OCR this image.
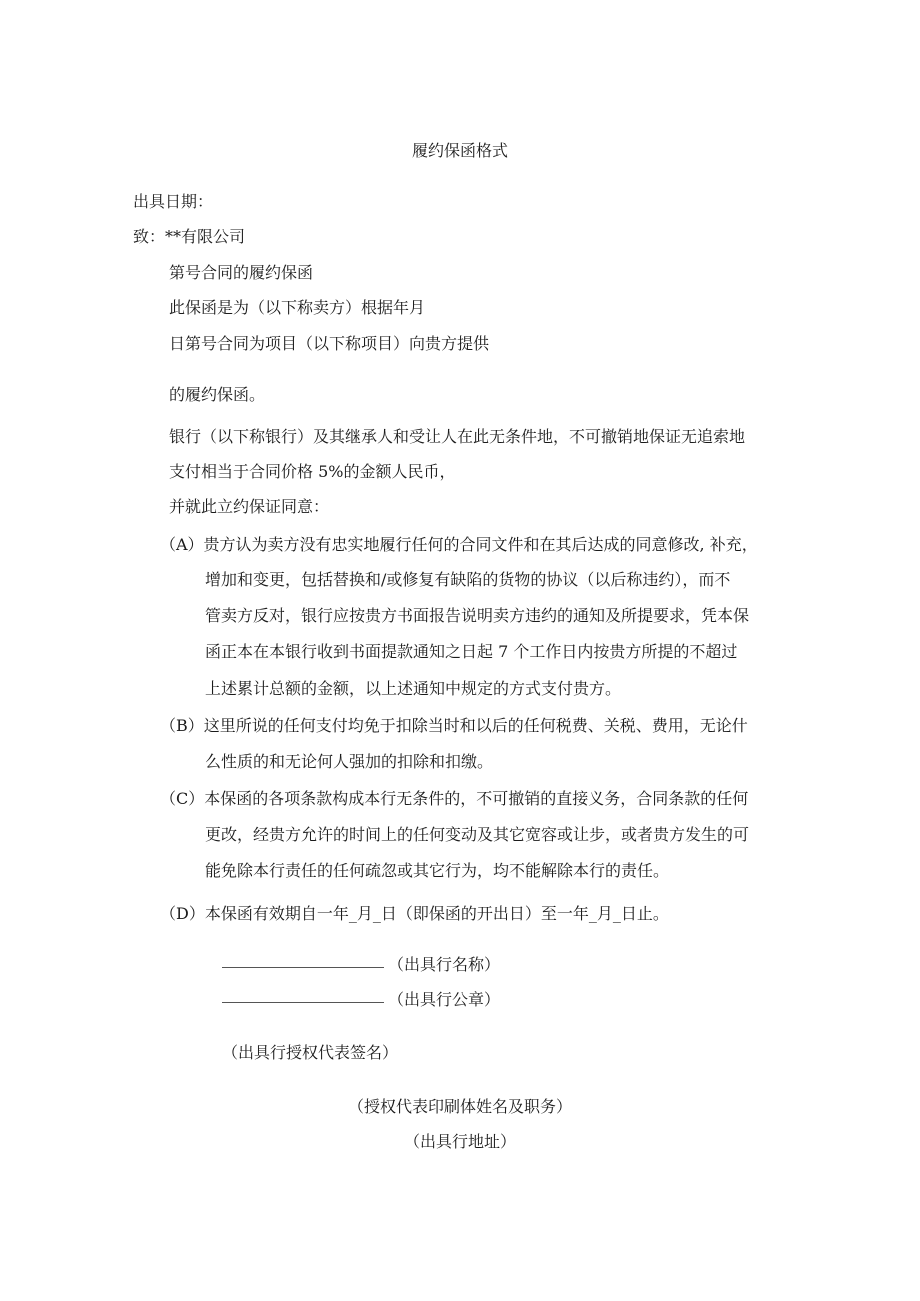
履约保函格式
出具日期：
致：**有限公司
第号合同的履约保函
此保函是为（以下称卖方）根据年月
日第号合同为项目（以下称项目）向贵方提供
的履约保函。
银行（以下称银行）及其继承人和受让人在此无条件地，不可撤销地保证无追索地
支付相当于合同价格 5%的金额人民币，
并就此立约保证同意：
（A）贵方认为卖方没有忠实地履行任何的合同文件和在其后达成的同意修改, 补充，
增加和变更，包括替换和/或修复有缺陷的货物的协议（以后称违约），而不
管卖方反对，银行应按贵方书面报告说明卖方违约的通知及所提要求，凭本保
函正本在本银行收到书面提款通知之日起 7 个工作日内按贵方所提的不超过
上述累计总额的金额，以上述通知中规定的方式支付贵方。
（B）这里所说的任何支付均免于扣除当时和以后的任何税费、关税、费用，无论什
么性质的和无论何人强加的扣除和扣缴。
（C）本保函的各项条款构成本行无条件的，不可撤销的直接义务，合同条款的任何
更改，经贵方允许的时间上的任何变动及其它宽容或让步，或者贵方发生的可
能免除本行责任的任何疏忽或其它行为，均不能解除本行的责任。
（D）本保函有效期自一年_月_日（即保函的开出日）至一年_月_日止。
（出具行名称）
（出具行公章）
（出具行授权代表签名）
（授权代表印刷体姓名及职务）
（出具行地址）
